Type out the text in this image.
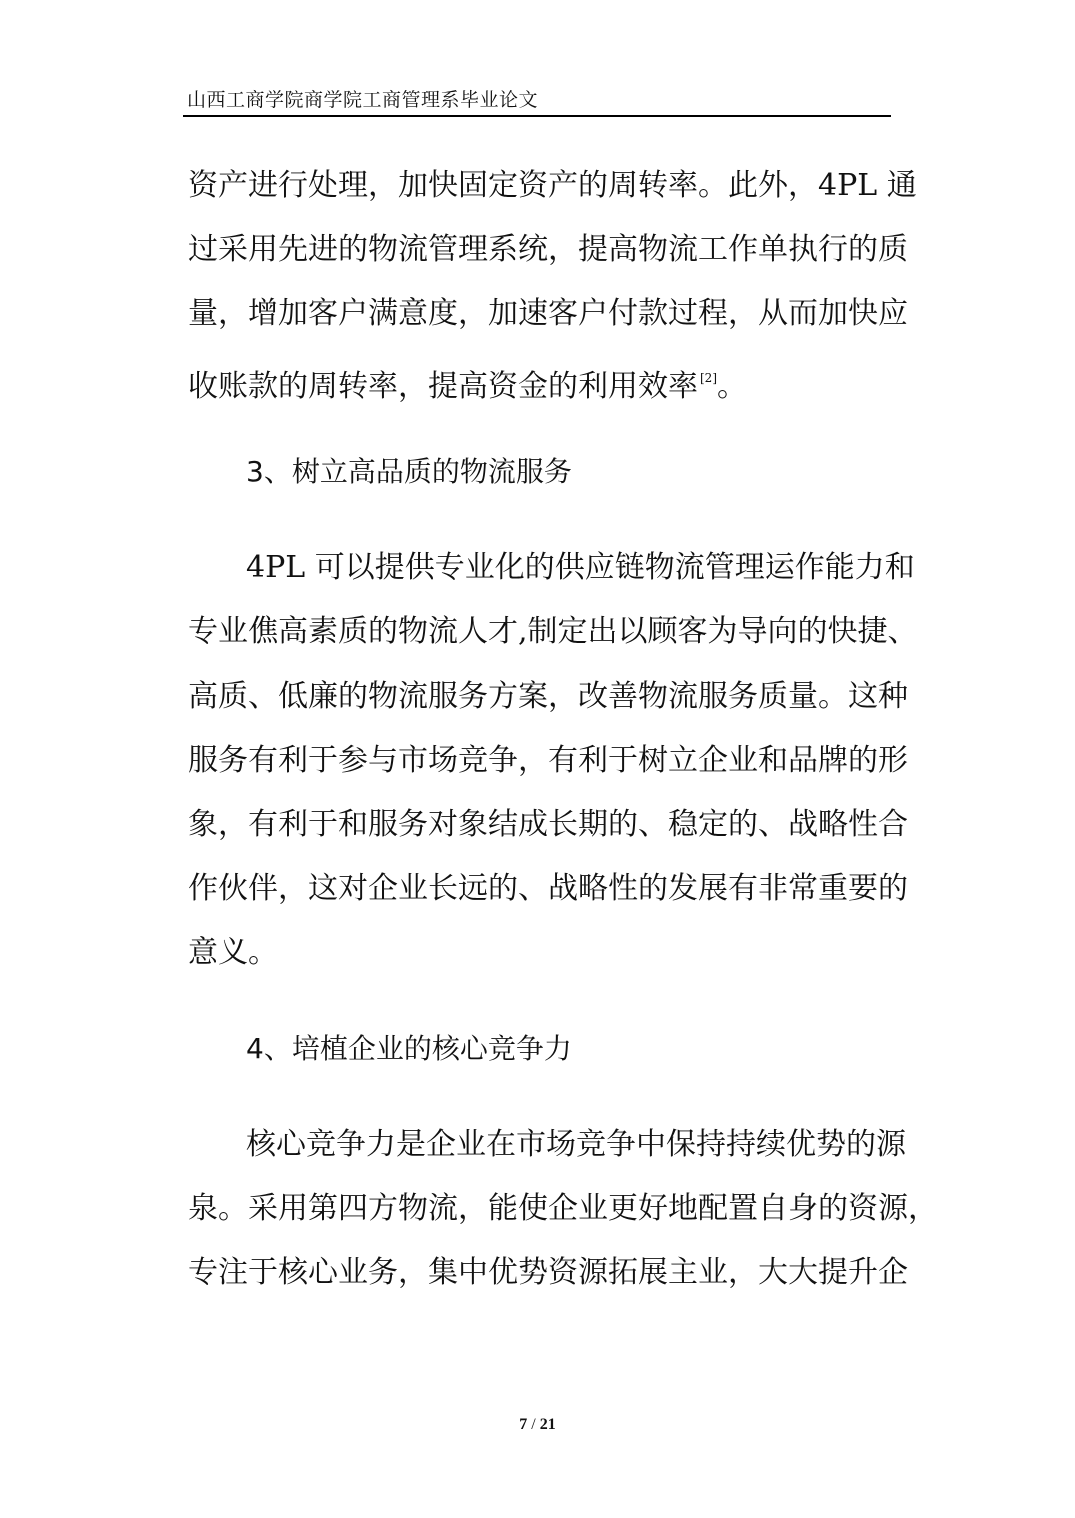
山西工商学院商学院工商管理系毕业论文
资产进行处理，加快固定资产的周转率。此外，4PL 通
过采用先进的物流管理系统，提高物流工作单执行的质
量，增加客户满意度，加速客户付款过程，从而加快应
收账款的周转率，提高资金的利用效率 [2]。
3、树立高品质的物流服务
4PL 可以提供专业化的供应链物流管理运作能力和
专业僬高素质的物流人才,制定出以顾客为导向的快捷、
高质、低廉的物流服务方案，改善物流服务质量。这种
服务有利于参与市场竞争，有利于树立企业和品牌的形
象，有利于和服务对象结成长期的、稳定的、战略性合
作伙伴，这对企业长远的、战略性的发展有非常重要的
意义。
4、培植企业的核心竞争力
核心竞争力是企业在市场竞争中保持持续优势的源
泉。采用第四方物流，能使企业更好地配置自身的资源，
专注于核心业务，集中优势资源拓展主业，大大提升企
7 / 21
